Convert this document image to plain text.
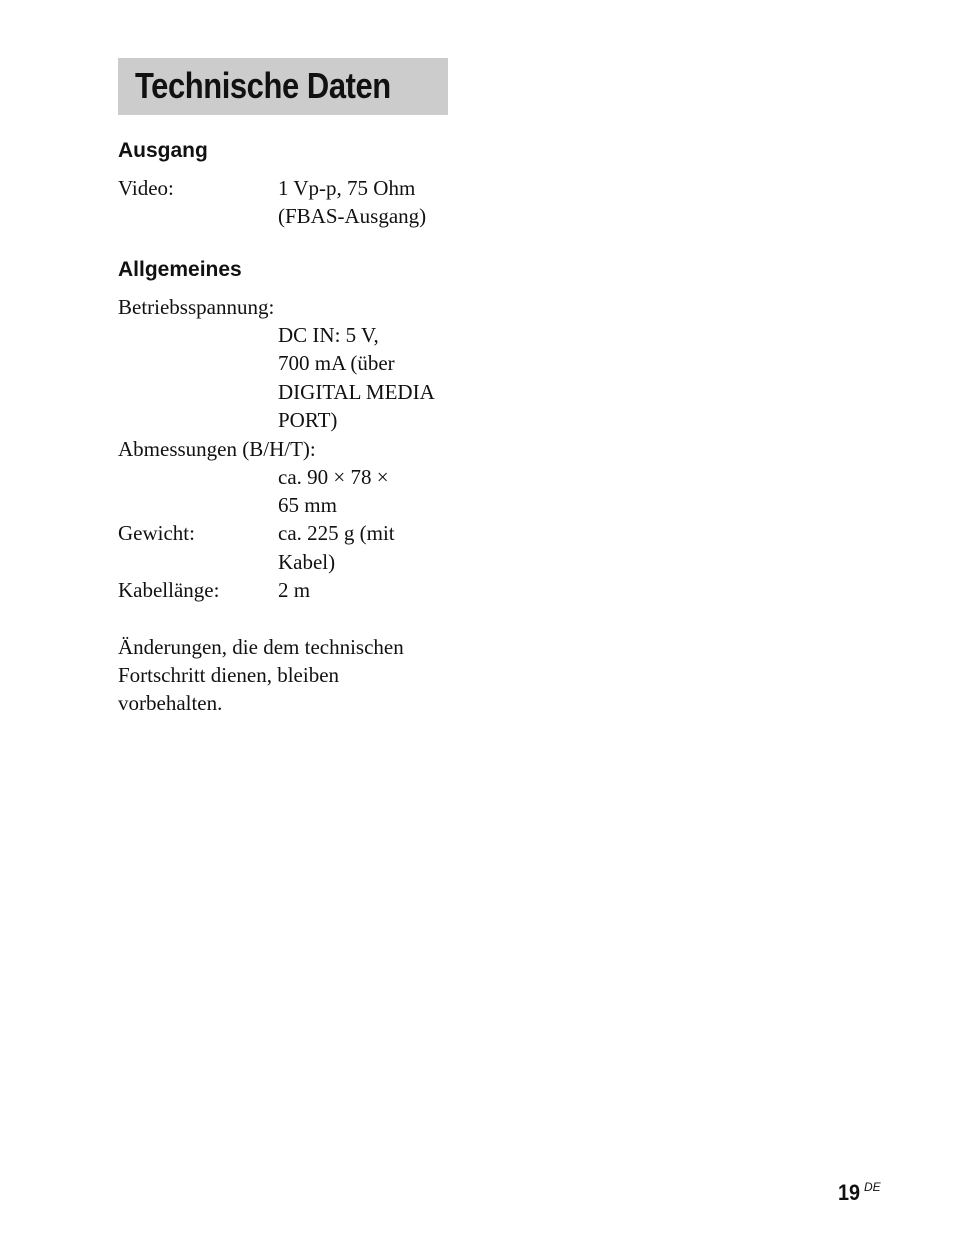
Technische Daten
Ausgang
Video:	1 Vp-p, 75 Ohm
(FBAS-Ausgang)
Allgemeines
Betriebsspannung:
DC IN: 5 V,
700 mA (über
DIGITAL MEDIA
PORT)
Abmessungen (B/H/T):
ca. 90 × 78 ×
65 mm
Gewicht:	ca. 225 g (mit
Kabel)
Kabellänge:	2 m
Änderungen, die dem technischen
Fortschritt dienen, bleiben
vorbehalten.
19 DE
